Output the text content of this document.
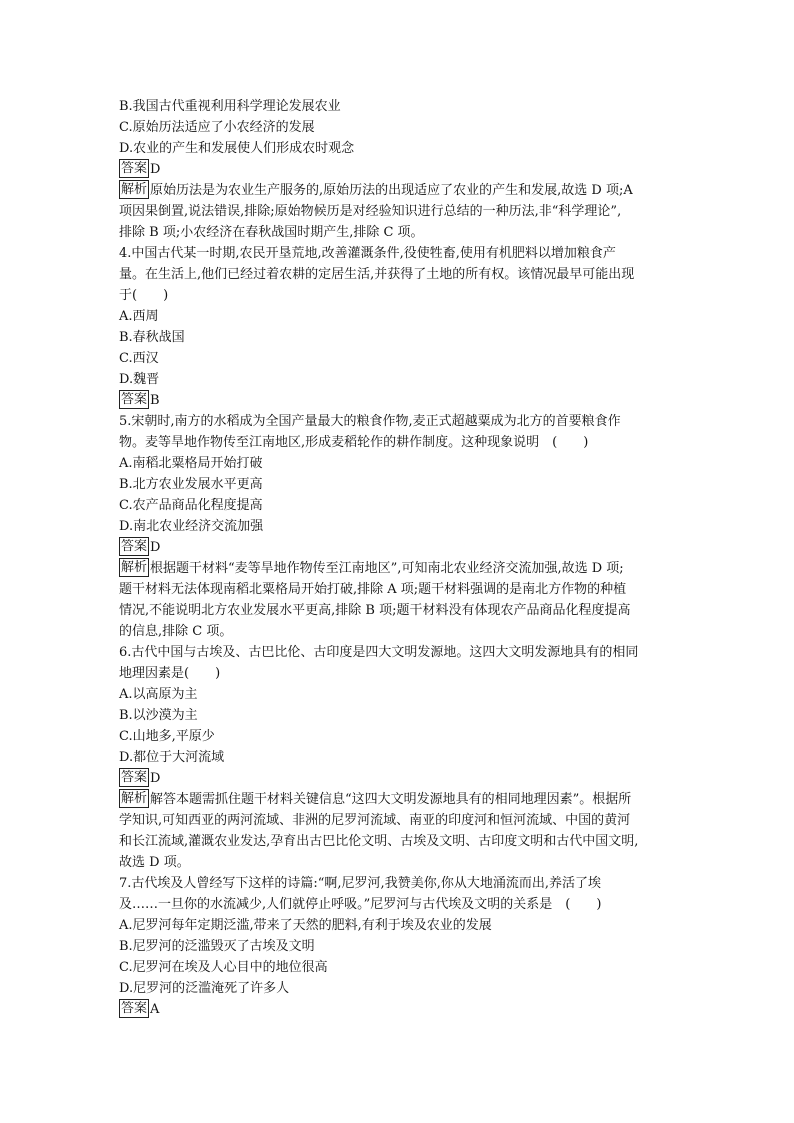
B.我国古代重视利用科学理论发展农业
C.原始历法适应了小农经济的发展
D.农业的产生和发展使人们形成农时观念
答案 D
解析 原始历法是为农业生产服务的,原始历法的出现适应了农业的产生和发展,故选 D 项;A
项因果倒置,说法错误,排除;原始物候历是对经验知识进行总结的一种历法,非“科学理论”,
排除 B 项;小农经济在春秋战国时期产生,排除 C 项。
4.中国古代某一时期,农民开垦荒地,改善灌溉条件,役使牲畜,使用有机肥料以增加粮食产
量。在生活上,他们已经过着农耕的定居生活,并获得了土地的所有权。该情况最早可能出现
于(　　)
A.西周
B.春秋战国
C.西汉
D.魏晋
答案 B
5.宋朝时,南方的水稻成为全国产量最大的粮食作物,麦正式超越粟成为北方的首要粮食作
物。麦等旱地作物传至江南地区,形成麦稻轮作的耕作制度。这种现象说明　(　　)
A.南稻北粟格局开始打破
B.北方农业发展水平更高
C.农产品商品化程度提高
D.南北农业经济交流加强
答案 D
解析 根据题干材料“麦等旱地作物传至江南地区”,可知南北农业经济交流加强,故选 D 项;
题干材料无法体现南稻北粟格局开始打破,排除 A 项;题干材料强调的是南北方作物的种植
情况,不能说明北方农业发展水平更高,排除 B 项;题干材料没有体现农产品商品化程度提高
的信息,排除 C 项。
6.古代中国与古埃及、古巴比伦、古印度是四大文明发源地。这四大文明发源地具有的相同
地理因素是(　　)
A.以高原为主
B.以沙漠为主
C.山地多,平原少
D.都位于大河流域
答案 D
解析 解答本题需抓住题干材料关键信息“这四大文明发源地具有的相同地理因素”。根据所
学知识,可知西亚的两河流域、非洲的尼罗河流域、南亚的印度河和恒河流域、中国的黄河
和长江流域,灌溉农业发达,孕育出古巴比伦文明、古埃及文明、古印度文明和古代中国文明,
故选 D 项。
7.古代埃及人曾经写下这样的诗篇:“啊,尼罗河,我赞美你,你从大地涌流而出,养活了埃
及……一旦你的水流减少,人们就停止呼吸。”尼罗河与古代埃及文明的关系是　(　　)
A.尼罗河每年定期泛滥,带来了天然的肥料,有利于埃及农业的发展
B.尼罗河的泛滥毁灭了古埃及文明
C.尼罗河在埃及人心目中的地位很高
D.尼罗河的泛滥淹死了许多人
答案 A
